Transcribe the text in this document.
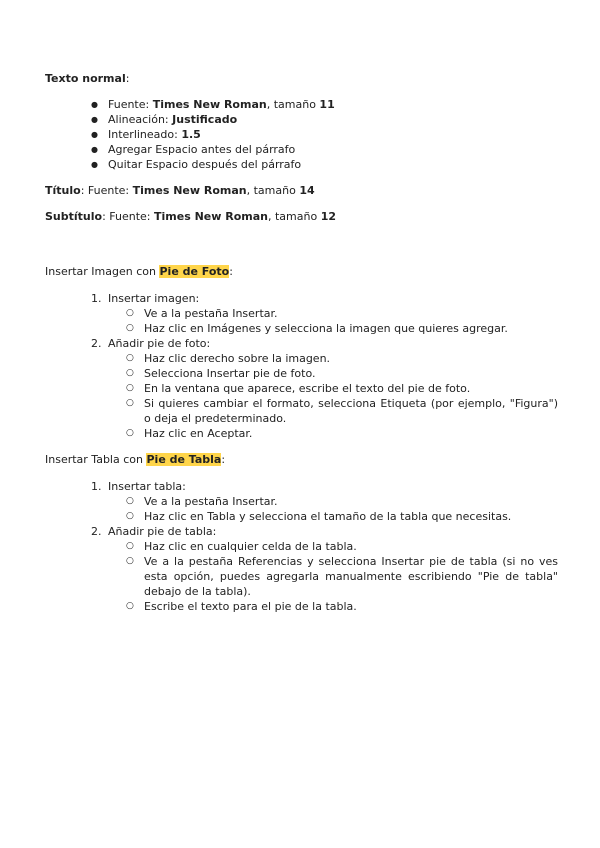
Texto normal:
● Fuente: Times New Roman, tamaño 11
● Alineación: Justificado
● Interlineado: 1.5
● Agregar Espacio antes del párrafo
● Quitar Espacio después del párrafo
Título: Fuente: Times New Roman, tamaño 14
Subtítulo: Fuente: Times New Roman, tamaño 12
Insertar Imagen con Pie de Foto:
1. Insertar imagen:
○ Ve a la pestaña Insertar.
○ Haz clic en Imágenes y selecciona la imagen que quieres agregar.
2. Añadir pie de foto:
○ Haz clic derecho sobre la imagen.
○ Selecciona Insertar pie de foto.
○ En la ventana que aparece, escribe el texto del pie de foto.
○ Si quieres cambiar el formato, selecciona Etiqueta (por ejemplo, "Figura") o deja el predeterminado.
○ Haz clic en Aceptar.
Insertar Tabla con Pie de Tabla:
1. Insertar tabla:
○ Ve a la pestaña Insertar.
○ Haz clic en Tabla y selecciona el tamaño de la tabla que necesitas.
2. Añadir pie de tabla:
○ Haz clic en cualquier celda de la tabla.
○ Ve a la pestaña Referencias y selecciona Insertar pie de tabla (si no ves esta opción, puedes agregarla manualmente escribiendo "Pie de tabla" debajo de la tabla).
○ Escribe el texto para el pie de la tabla.
